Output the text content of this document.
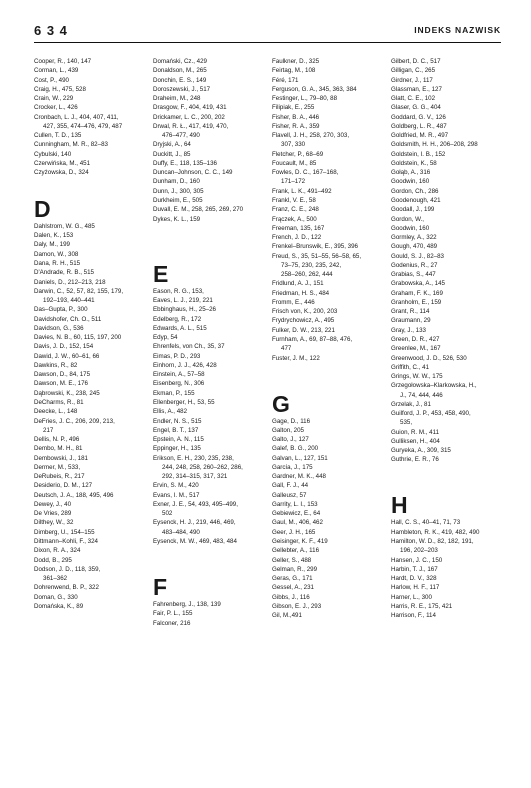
6 3 4	INDEKS NAZWISK
Cooper, R., 140, 147
Corman, L., 439
Cost, P., 490
Craig, H., 475, 528
Crain, W., 229
Crocker, L., 426
Cronbach, L. J., 404, 407, 411,
427, 355, 474–476, 479, 487
Cullen, T. D., 135
Cunningham, M. R., 82–83
Cybulski, 140
Czerwińska, M., 451
Czyżowska, D., 324
D
Dahlstrom, W. G., 485
Dalen, K., 153
Daly, M., 199
Damon, W., 308
Dana, R. H., 515
D'Andrade, R. B., 515
Daniels, D., 212–213, 218
Darwin, C., 52, 57, 82, 155, 179,
192–193, 440–441
Das–Gupta, P., 300
Davidshofer, Ch. O., 511
Davidson, G., 536
Davies, N. B., 60, 115, 197, 200
Davis, J. D., 152, 154
Dawid, J. W., 60–61, 66
Dawkins, R., 82
Dawson, D., 84, 175
Dawson, M. E., 176
Dąbrowski, K., 238, 245
DeCharms, R., 81
Deecke, L., 148
DeFries, J. C., 206, 209, 213,
217
Dellis, N. P., 496
Dembo, M. H., 81
Dembowski, J., 181
Dermer, M., 533,
DeRubeis, R., 217
Desiderio, D. M., 127
Deutsch, J. A., 188, 495, 496
Dewey, J., 40
De Vries, 289
Dilthey, W., 32
Dimberg, U., 154–155
Dittmann–Kohli, F., 324
Dixon, R. A., 324
Dodd, B., 295
Dodson, J. D., 118, 359,
361–362
Dohrenwend, B. P., 322
Doman, G., 330
Domańska, K., 89
Domański, Cz., 429
Donaldson, M., 265
Donchin, E. S., 149
Doroszewski, J., 517
Draheim, M., 248
Drasgow, F., 404, 419, 431
Drickamer, L. C., 200, 202
Drwal, R. Ł., 417, 419, 470,
476–477, 490
Dryjski, A., 64
Duckitt, J., 85
Duffy, E., 118, 135–136
Duncan–Johnson, C. C., 149
Dunham, D., 160
Dunn, J., 300, 305
Durkheim, E., 505
Duvall, E. M., 258, 265, 269, 270
Dykes, K. L., 159
E
Eason, R. G., 153,
Eaves, L. J., 219, 221
Ebbinghaus, H., 25–26
Edelberg, R., 172
Edwards, A. L., 515
Edyp, 54
Ehrenfels, von Ch., 35, 37
Eimas, P. D., 293
Einhorn, J. J., 426, 428
Einstein, A., 57–58
Eisenberg, N., 306
Ekman, P., 155
Ellenberger, H., 53, 55
Ellis, A., 482
Endler, N. S., 515
Engel, B. T., 137
Epstein, A. N., 115
Eppinger, H., 135
Erikson, E. H., 230, 235, 238,
244, 248, 258, 260–262, 286,
292, 314–315, 317, 321
Ervin, S. M., 420
Evans, I. M., 517
Exner, J. E., 54, 493, 495–499,
502
Eysenck, H. J., 219, 446, 469,
483–484, 490
Eysenck, M. W., 469, 483, 484
F
Fahrenberg, J., 138, 139
Fair, P. L., 155
Falconer, 216
Faulkner, D., 325
Feirtag, M., 108
Féré, 171
Ferguson, G. A., 345, 363, 384
Festinger, L., 79–80, 88
Filipiak, E., 255
Fisher, B. A., 446
Fisher, R. A., 359
Flavell, J. H., 258, 270, 303,
307, 330
Fletcher, P., 68–69
Foucault, M., 85
Fowles, D. C., 167–168,
171–172
Frank, L. K., 491–492
Frankl, V. E., 58
Franz, C. E., 248
Frączek, A., 500
Freeman, 135, 167
French, J. D., 122
Frenkel–Brunswik, E., 395, 396
Freud, S., 35, 51–55, 56–58, 65,
73–75, 230, 235, 242,
258–260, 262, 444
Fridlund, A. J., 151
Friedman, H. S., 484
Fromm, E., 446
Frisch von, K., 200, 203
Frydrychowicz, A., 495
Fulker, D. W., 213, 221
Furnham, A., 69, 87–88, 476,
477
Fuster, J. M., 122
G
Gage, D., 116
Galton, 205
Galto, J., 127
Galef, B. G., 200
Galvan, L., 127, 151
García, J., 175
Gardner, M. K., 448
Gall, F. J., 44
Galleusz, 57
Garrity, L. I., 153
Gebiewicz, E., 64
Gaul, M., 406, 462
Geer, J. H., 165
Geisinger, K. F., 419
Gellebter, A., 116
Geller, S., 488
Gelman, R., 299
Geras, G., 171
Gessel, A., 231
Gibbs, J., 116
Gibson, E. J., 293
Gil, M.,491
Gilbert, D. C., 517
Gilligan, C., 265
Girdner, J., 117
Glassman, E., 127
Glatt, C. E., 102
Glaser, G. G., 404
Goddard, G. V., 126
Goldberg, L. R., 487
Goldfried, M. R., 497
Goldsmith, H. H., 206–208, 298
Goldstein, I. B., 152
Goldstein, K., 58
Gołąb, A., 316
Goodwin, 160
Gordon, Ch., 286
Goodenough, 421
Goodall, J., 199
Gordon, W.,
Goodwin, 160
Gormley, A., 322
Gough, 470, 489
Gould, S. J., 82–83
Godenius, R., 27
Grabias, S., 447
Grabowska, A., 145
Graham, F. K., 169
Granholm, E., 159
Grant, R., 114
Graumann, 29
Gray, J., 133
Green, D. R., 427
Greenlee, M., 167
Greenwood, J. D., 526, 530
Griffith, C., 41
Grings, W. W., 175
Grzegołowska–Klarkowska, H.,
J., 74, 444, 446
Grzelak, J., 81
Guilford, J. P., 453, 458, 490,
535,
Guion, R. M., 411
Gulliksen, H., 404
Guryeka, A., 309, 315
Guthrie, E. R., 76
H
Hall, C. S., 40–41, 71, 73
Hambleton, R. K., 419, 482, 490
Hamilton, W. D., 82, 182, 191,
196, 202–203
Hansen, J. C., 150
Harbin, T. J., 167
Hardt, D. V., 328
Harlow, H. F., 117
Harner, L., 300
Harris, R. E., 175, 421
Harrison, F., 114
